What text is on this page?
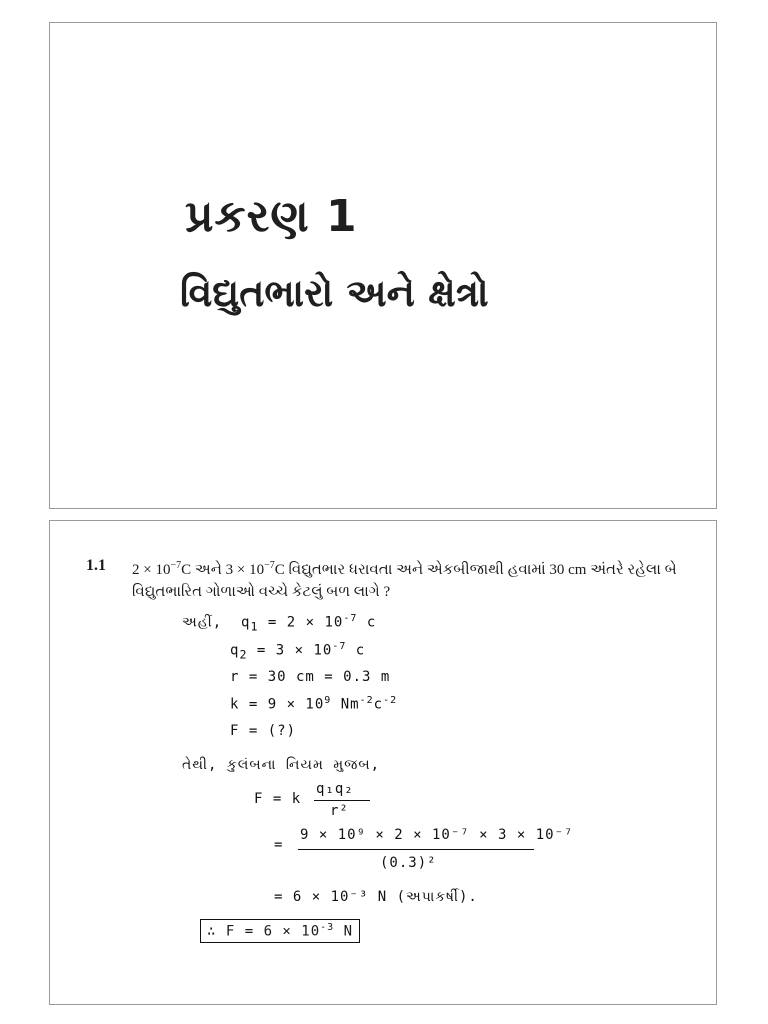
પ્રકરણ 1
વિદ્યુતભારો અને ક્ષેત્રો
1.1 $2 \times 10^{-7}C$ અને $3 \times 10^{-7}C$ વિદ્યુતભાર ધરાવતા અને એકબીજાથી હવામાં 30 cm અંતરે રહેલા બે વિદ્યુતભારિત ગોળાઓ વચ્ચે કેટલું બળ લાગે ?

અહીં, $q_1 = 2 \times 10^{-7}$ c

$q_2 = 3 \times 10^{-7}$ c

r = 30 cm = 0.3 m

$k = 9 \times 10^9$ $Nm^{-2}c^{-2}$

F = (?)

તેથી, કુલંબના નિયમ મુજબ,

F = k

q₁q₂

r²

=

9 × 10⁹ × 2 × 10⁻⁷ × 3 × 10⁻⁷

(0.3)²

= 6 × 10⁻³ N (અપાકર્ષી).

∴ $F = 6 \times 10^{-3}$ N
